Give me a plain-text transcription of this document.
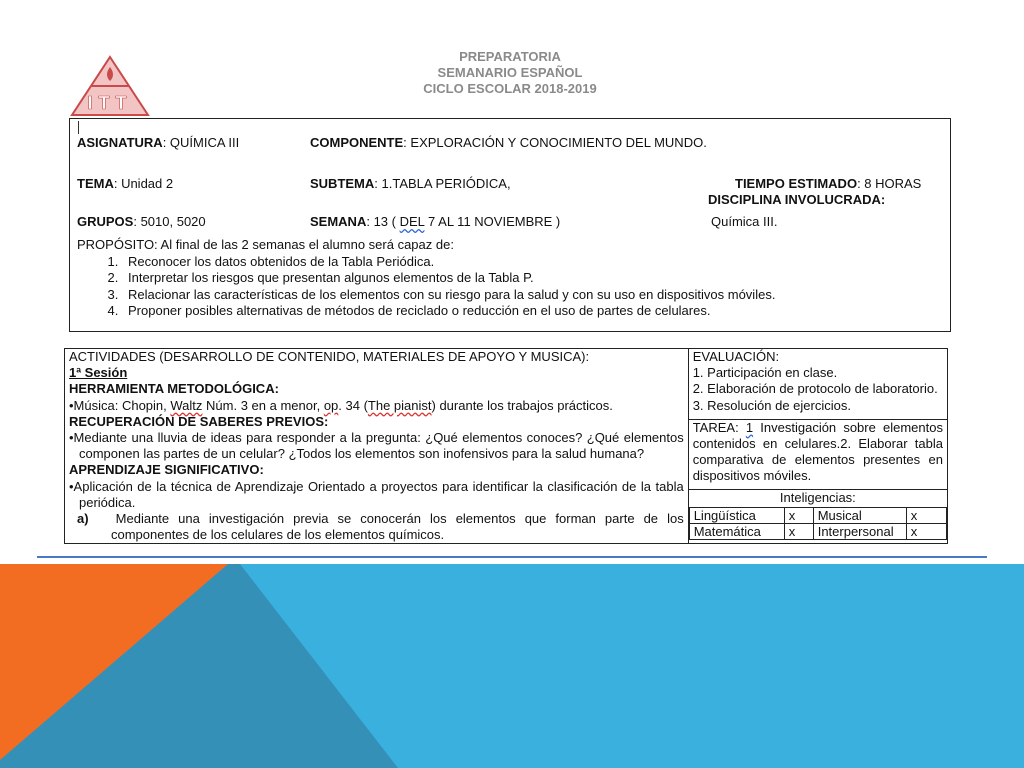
ITT
PREPARATORIA
SEMANARIO ESPAÑOL
CICLO ESCOLAR 2018-2019
ASIGNATURA: QUÍMICA III	COMPONENTE: EXPLORACIÓN Y CONOCIMIENTO DEL MUNDO.
TEMA: Unidad 2	SUBTEMA: 1.TABLA PERIÓDICA,	TIEMPO ESTIMADO: 8 HORAS
DISCIPLINA INVOLUCRADA:
GRUPOS: 5010, 5020	SEMANA: 13 ( DEL 7 AL 11 NOVIEMBRE )	Química III.
PROPÓSITO: Al final de las 2 semanas el alumno será capaz de:
1. Reconocer los datos obtenidos de la Tabla Periódica.
2. Interpretar los riesgos que presentan algunos elementos de la Tabla P.
3. Relacionar las características de los elementos con su riesgo para la salud y con su uso en dispositivos móviles.
4. Proponer posibles alternativas de métodos de reciclado o reducción en el uso de partes de celulares.

ACTIVIDADES (DESARROLLO DE CONTENIDO, MATERIALES DE APOYO Y MUSICA):

1ª Sesión

HERRAMIENTA METODOLÓGICA:

•Música: Chopin, Waltz Núm. 3 en a menor, op. 34 (The pianist) durante los trabajos prácticos.

RECUPERACIÓN DE SABERES PREVIOS:

•Mediante una lluvia de ideas para responder a la pregunta: ¿Qué elementos conoces? ¿Qué elementos componen las partes de un celular? ¿Todos los elementos son inofensivos para la salud humana?

APRENDIZAJE SIGNIFICATIVO:

•Aplicación de la técnica de Aprendizaje Orientado a proyectos para identificar la clasificación de la tabla periódica.

a) Mediante una investigación previa se conocerán los elementos que forman parte de los componentes de los celulares de los elementos químicos.

EVALUACIÓN:

1. Participación en clase.

2. Elaboración de protocolo de laboratorio.

3. Resolución de ejercicios.

TAREA: 1 Investigación sobre elementos contenidos en celulares.2. Elaborar tabla comparativa de elementos presentes en dispositivos móviles.

Inteligencias:
Lingüística	x	Musical	x
Matemática	x	Interpersonal	x
